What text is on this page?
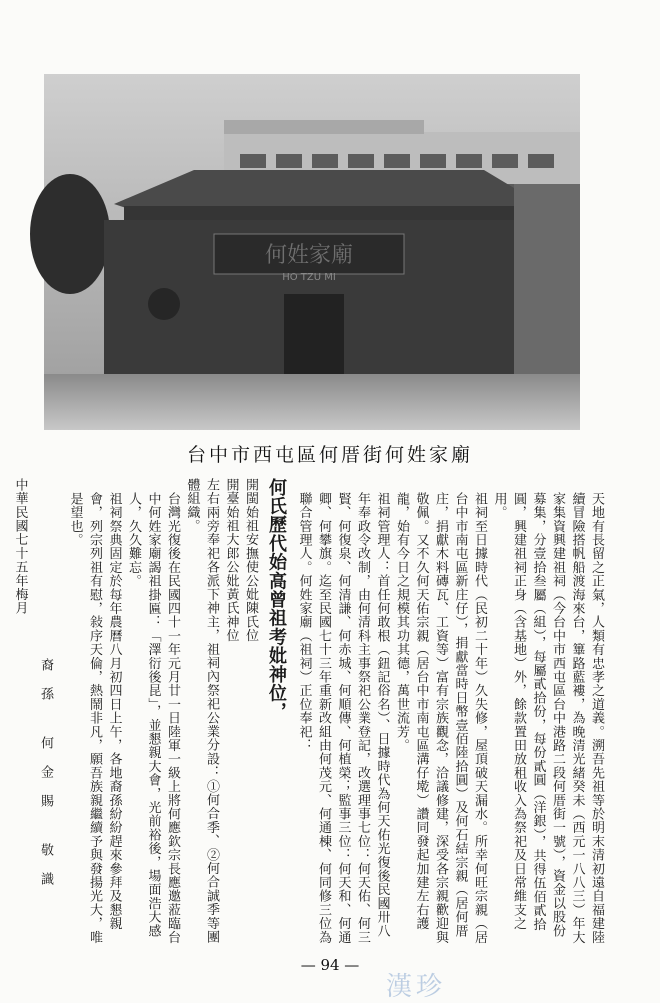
何姓家廟
HO TZU MI
台中市西屯區何厝街何姓家廟

天地有長留之正氣，人類有忠孝之道義。溯吾先祖等於明末清初遠自福建陸續冒險搭帆船渡海來台，篳路藍褸，為晚清光緒癸未（西元一八八三）年大家集資興建祖祠（今台中市西屯區台中港路二段何厝街一號），資金以股份募集，分壹拾叁屬（組），每屬貳拾份，每份貳圓（洋銀），共得伍佰貳拾圓，興建祖祠正身（含基地）外，餘款置田放租收入為祭祀及日常維支之用。

祖祠至日據時代（民初二十年）久失修，屋頂破天漏水。所幸何旺宗親（居台中市南屯區新庄仔），捐獻當時日幣壹佰陸拾圓）及何石結宗親（居何厝庄，捐獻木料磚瓦、工資等）富有宗族觀念，洽議修建，深受各宗親歡迎與敬佩。又不久何天佑宗親（居台中市南屯區溝仔墘）讚同發起加建左右護龍，始有今日之規模其功其德，萬世流芳。

祖祠管理人：首任何敢根（鈕記俗名）、日據時代為何天佑光復後民國卅八年奉政令改制，由何清科主事祭祀公業登記，改選理事七位：何天佑、何三賢、何復泉、何清謙、何赤城、何順傳、何植榮；監事三位：何天和、何通卿、何攀旗。迄至民國七十三年重新改組由何茂元、何通棟、何同修三位為聯合管理人。何姓家廟（祖祠）正位奉祀：

何氏歷代始高曾祖考妣神位，

開閩始祖安撫使公妣陳氏位

開臺始祖大郎公妣黃氏神位

左右兩旁奉祀各派下神主，祖祠內祭祀公業分設：①何合季、②何合誠季等團體組織。

台灣光復後在民國四十一年元月廿一日陸軍一級上將何應欽宗長應邀蒞臨台中何姓家廟謁祖掛匾：「澤衍後昆」，並懇親大會，光前裕後，場面浩大感人，久久難忘。

祖祠祭典固定於每年農曆八月初四日上午，各地裔孫紛紛趕來參拜及懇親會，列宗列祖有慰，敍序天倫，熱鬧非凡，願吾族親繼續予與發揚光大，唯是望也。

裔孫 何金賜 敬識

中華民國七十五年梅月

— 94 —
漢珍
